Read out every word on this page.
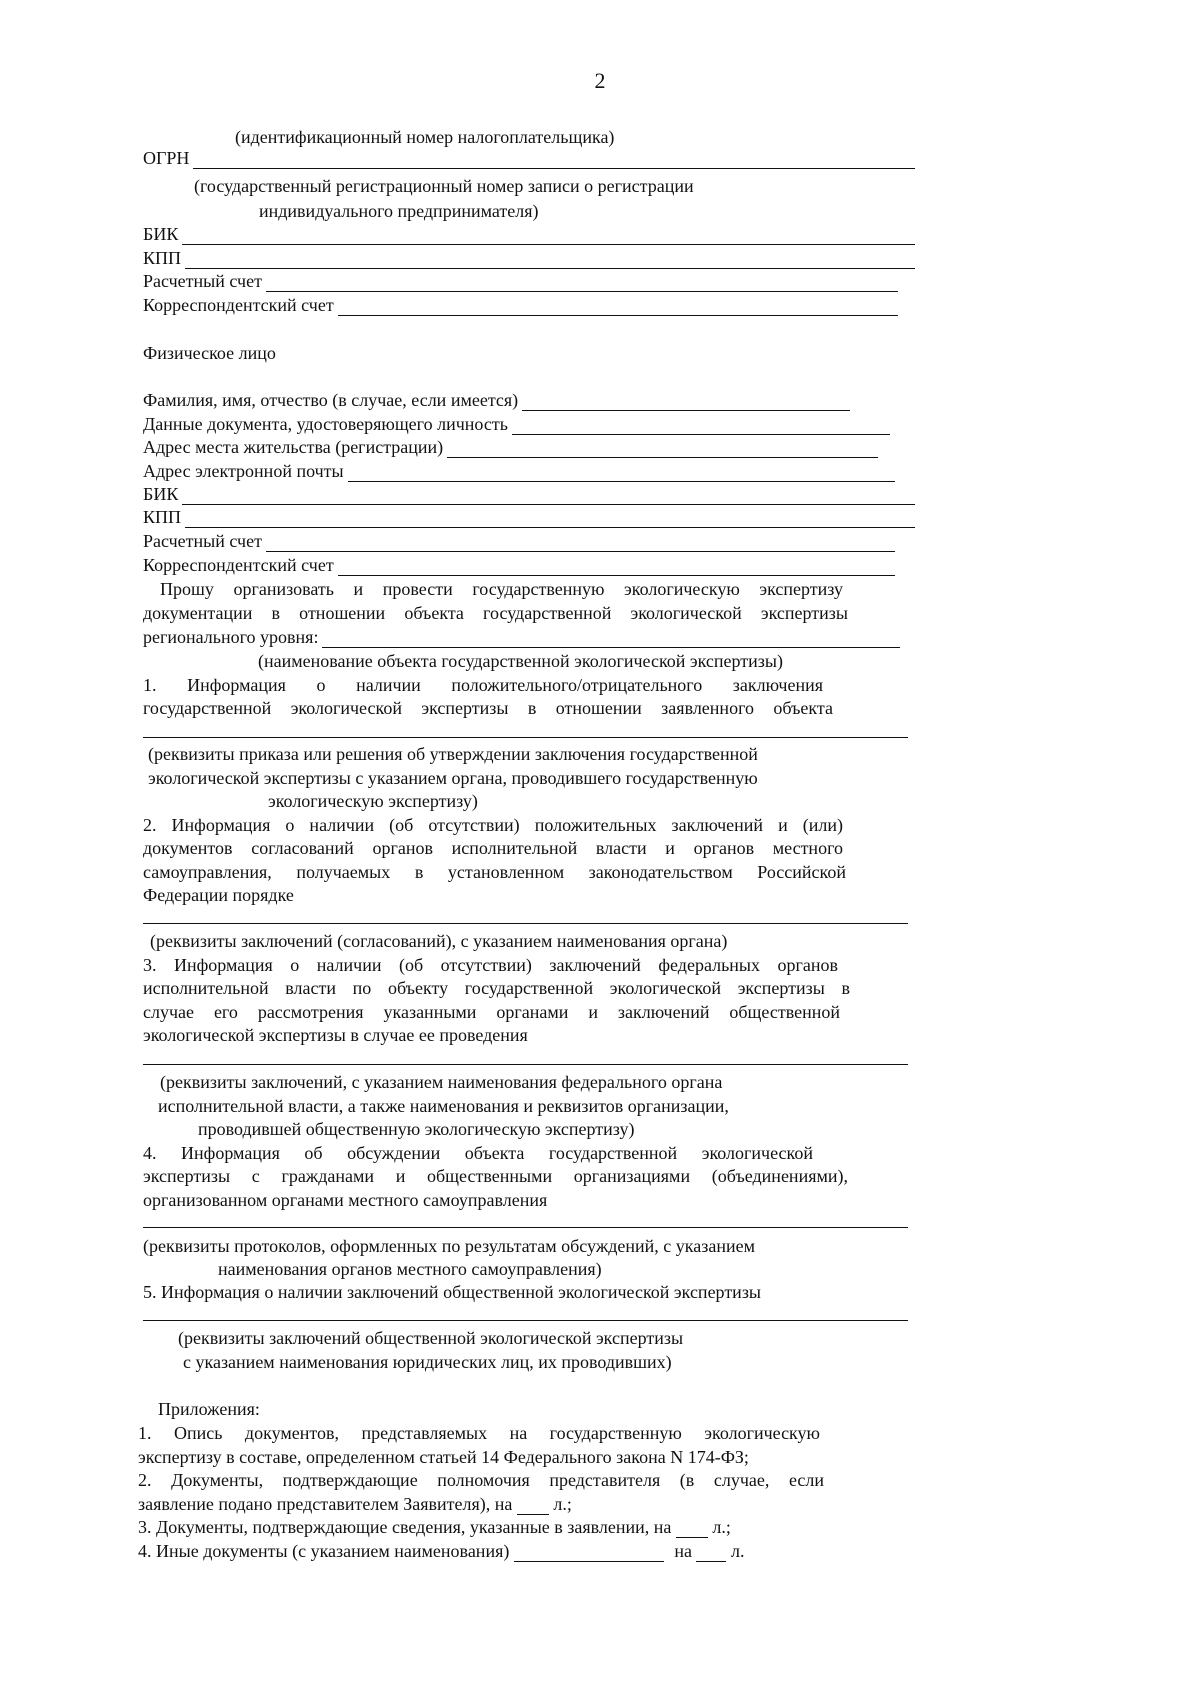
2
(идентификационный номер налогоплательщика)
ОГРН
(государственный регистрационный номер записи о регистрации
индивидуального предпринимателя)
БИК
КПП
Расчетный счет
Корреспондентский счет
Физическое лицо
Фамилия, имя, отчество (в случае, если имеется)
Данные документа, удостоверяющего личность
Адрес места жительства (регистрации)
Адрес электронной почты
БИК
КПП
Расчетный счет
Корреспондентский счет
Прошу организовать и провести государственную экологическую экспертизу
документации в отношении объекта государственной экологической экспертизы
регионального уровня:
(наименование объекта государственной экологической экспертизы)
1. Информация о наличии положительного/отрицательного заключения
государственной экологической экспертизы в отношении заявленного объекта
(реквизиты приказа или решения об утверждении заключения государственной
экологической экспертизы с указанием органа, проводившего государственную
экологическую экспертизу)
2. Информация о наличии (об отсутствии) положительных заключений и (или)
документов согласований органов исполнительной власти и органов местного
самоуправления, получаемых в установленном законодательством Российской
Федерации порядке
(реквизиты заключений (согласований), с указанием наименования органа)
3. Информация о наличии (об отсутствии) заключений федеральных органов
исполнительной власти по объекту государственной экологической экспертизы в
случае его рассмотрения указанными органами и заключений общественной
экологической экспертизы в случае ее проведения
(реквизиты заключений, с указанием наименования федерального органа
исполнительной власти, а также наименования и реквизитов организации,
проводившей общественную экологическую экспертизу)
4. Информация об обсуждении объекта государственной экологической
экспертизы с гражданами и общественными организациями (объединениями),
организованном органами местного самоуправления
(реквизиты протоколов, оформленных по результатам обсуждений, с указанием
наименования органов местного самоуправления)
5. Информация о наличии заключений общественной экологической экспертизы
(реквизиты заключений общественной экологической экспертизы
с указанием наименования юридических лиц, их проводивших)
Приложения:
1. Опись документов, представляемых на государственную экологическую
экспертизу в составе, определенном статьей 14 Федерального закона N 174-ФЗ;
2. Документы, подтверждающие полномочия представителя (в случае, если
заявление подано представителем Заявителя), на л.;
3. Документы, подтверждающие сведения, указанные в заявлении, на л.;
4. Иные документы (с указанием наименования)	на л.
